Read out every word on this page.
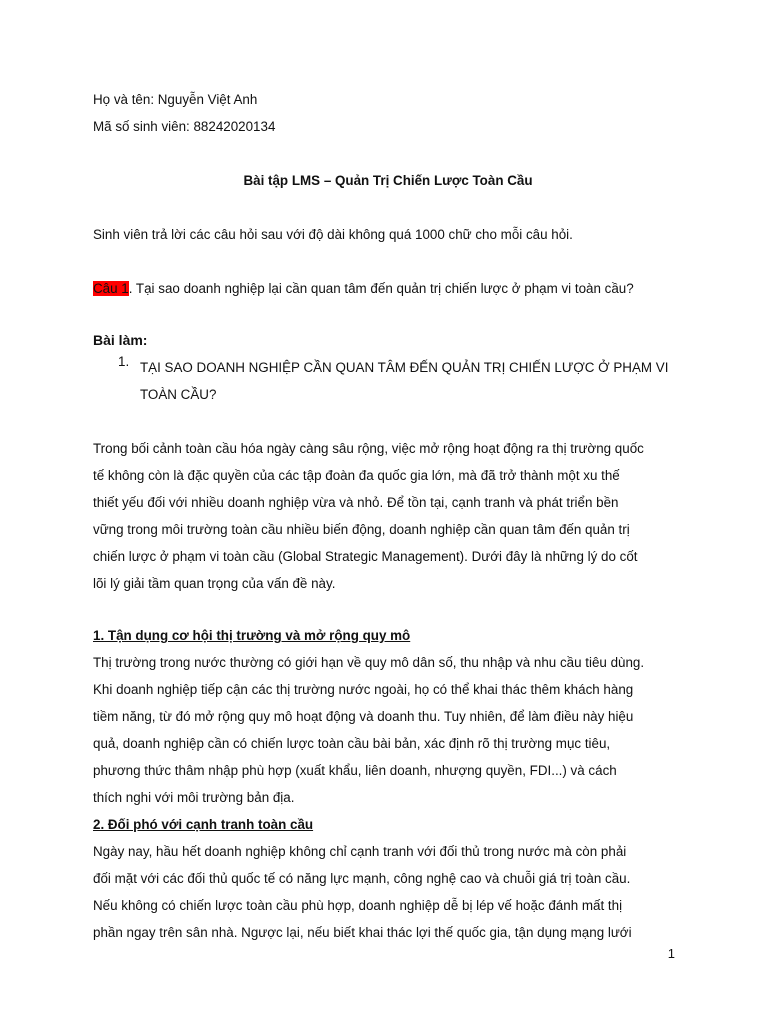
Họ và tên: Nguyễn Việt Anh
Mã số sinh viên: 88242020134
Bài tập LMS – Quản Trị Chiến Lược Toàn Cầu
Sinh viên trả lời các câu hỏi sau với độ dài không quá 1000 chữ cho mỗi câu hỏi.
Câu 1. Tại sao doanh nghiệp lại cần quan tâm đến quản trị chiến lược ở phạm vi toàn cầu?
Bài làm:
1. TẠI SAO DOANH NGHIỆP CẦN QUAN TÂM ĐẾN QUẢN TRỊ CHIẾN LƯỢC Ở PHẠM VI
TOÀN CẦU?
Trong bối cảnh toàn cầu hóa ngày càng sâu rộng, việc mở rộng hoạt động ra thị trường quốc
tế không còn là đặc quyền của các tập đoàn đa quốc gia lớn, mà đã trở thành một xu thế
thiết yếu đối với nhiều doanh nghiệp vừa và nhỏ. Để tồn tại, cạnh tranh và phát triển bền
vững trong môi trường toàn cầu nhiều biến động, doanh nghiệp cần quan tâm đến quản trị
chiến lược ở phạm vi toàn cầu (Global Strategic Management). Dưới đây là những lý do cốt
lõi lý giải tầm quan trọng của vấn đề này.
1. Tận dụng cơ hội thị trường và mở rộng quy mô
Thị trường trong nước thường có giới hạn về quy mô dân số, thu nhập và nhu cầu tiêu dùng.
Khi doanh nghiệp tiếp cận các thị trường nước ngoài, họ có thể khai thác thêm khách hàng
tiềm năng, từ đó mở rộng quy mô hoạt động và doanh thu. Tuy nhiên, để làm điều này hiệu
quả, doanh nghiệp cần có chiến lược toàn cầu bài bản, xác định rõ thị trường mục tiêu,
phương thức thâm nhập phù hợp (xuất khẩu, liên doanh, nhượng quyền, FDI...) và cách
thích nghi với môi trường bản địa.
2. Đối phó với cạnh tranh toàn cầu
Ngày nay, hầu hết doanh nghiệp không chỉ cạnh tranh với đối thủ trong nước mà còn phải
đối mặt với các đối thủ quốc tế có năng lực mạnh, công nghệ cao và chuỗi giá trị toàn cầu.
Nếu không có chiến lược toàn cầu phù hợp, doanh nghiệp dễ bị lép vế hoặc đánh mất thị
phần ngay trên sân nhà. Ngược lại, nếu biết khai thác lợi thế quốc gia, tận dụng mạng lưới
1
